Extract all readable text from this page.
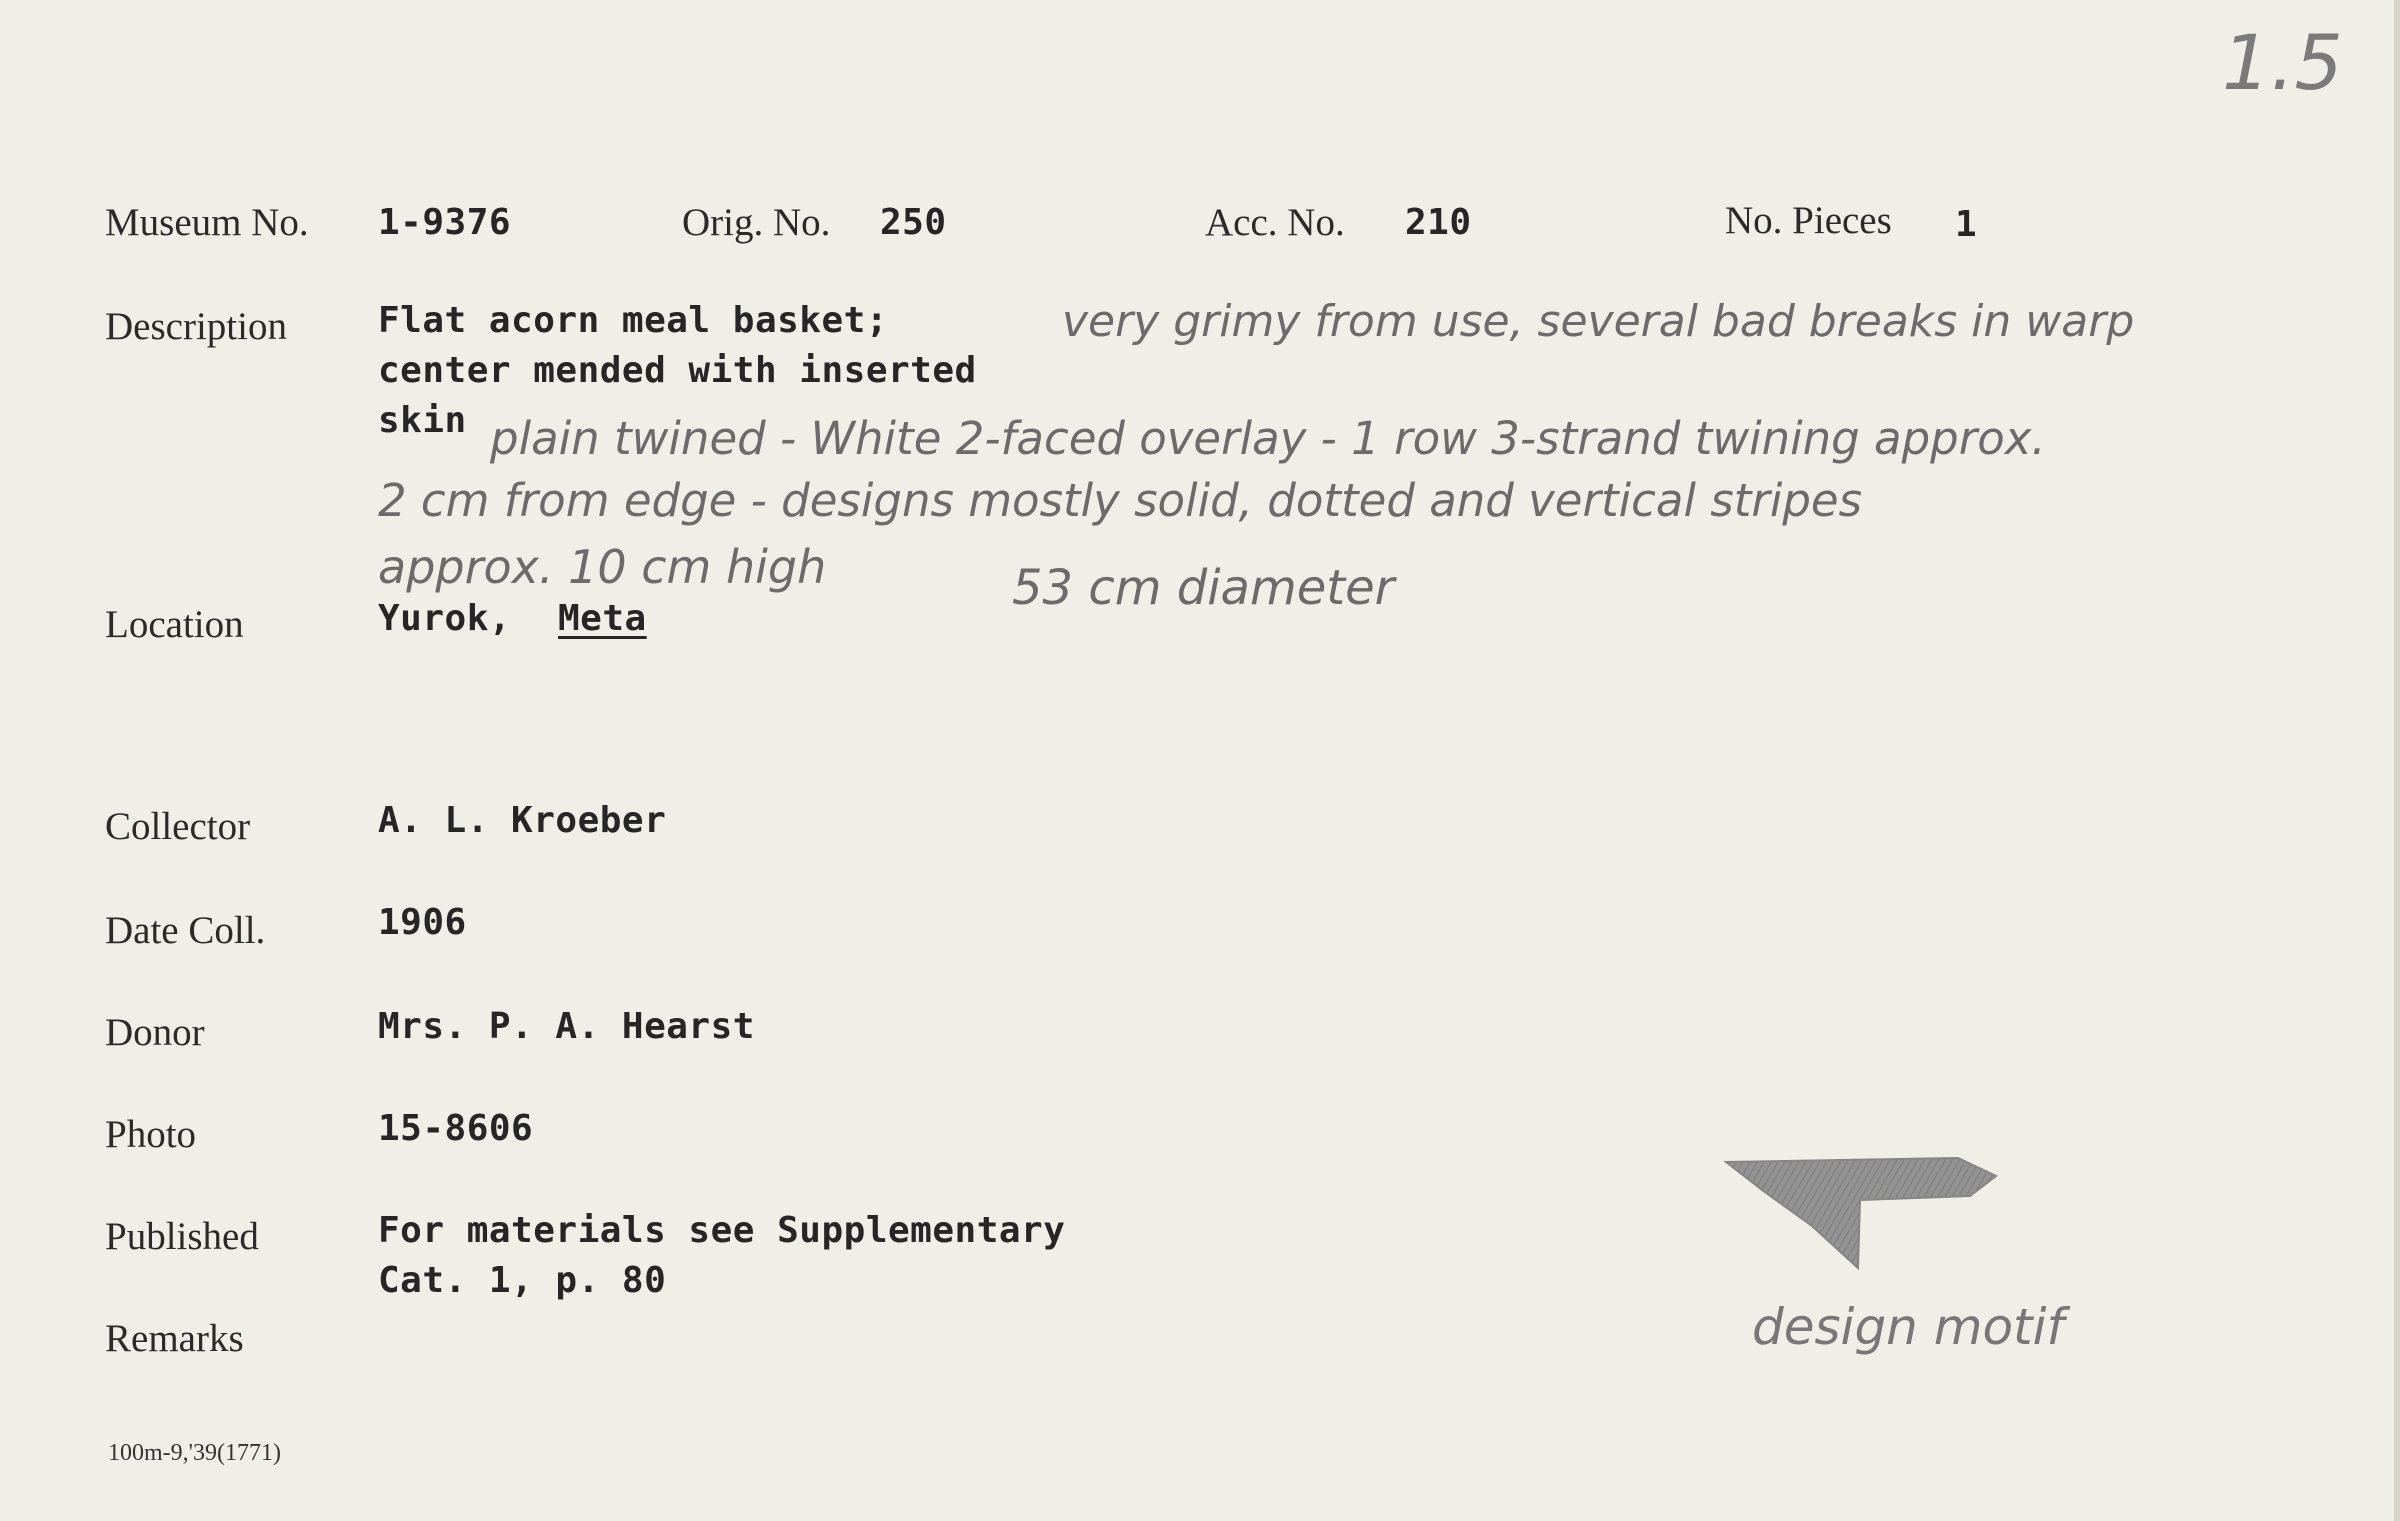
1.5
Museum No. 1-9376	Orig. No. 250	Acc. No. 210	No. Pieces 1
Description	Flat acorn meal basket;
center mended with inserted
skin
very grimy from use, several bad breaks in warp
plain twined - White 2-faced overlay - 1 row 3-strand twining approx.
2 cm from edge - designs mostly solid, dotted and vertical stripes
approx. 10 cm high	53 cm diameter
Location	Yurok, Meta
Collector	A. L. Kroeber
Date Coll.	1906
Donor	Mrs. P. A. Hearst
Photo	15-8606
Published	For materials see Supplementary
Cat. 1, p. 80
Remarks	design motif
100m-9,'39(1771)
